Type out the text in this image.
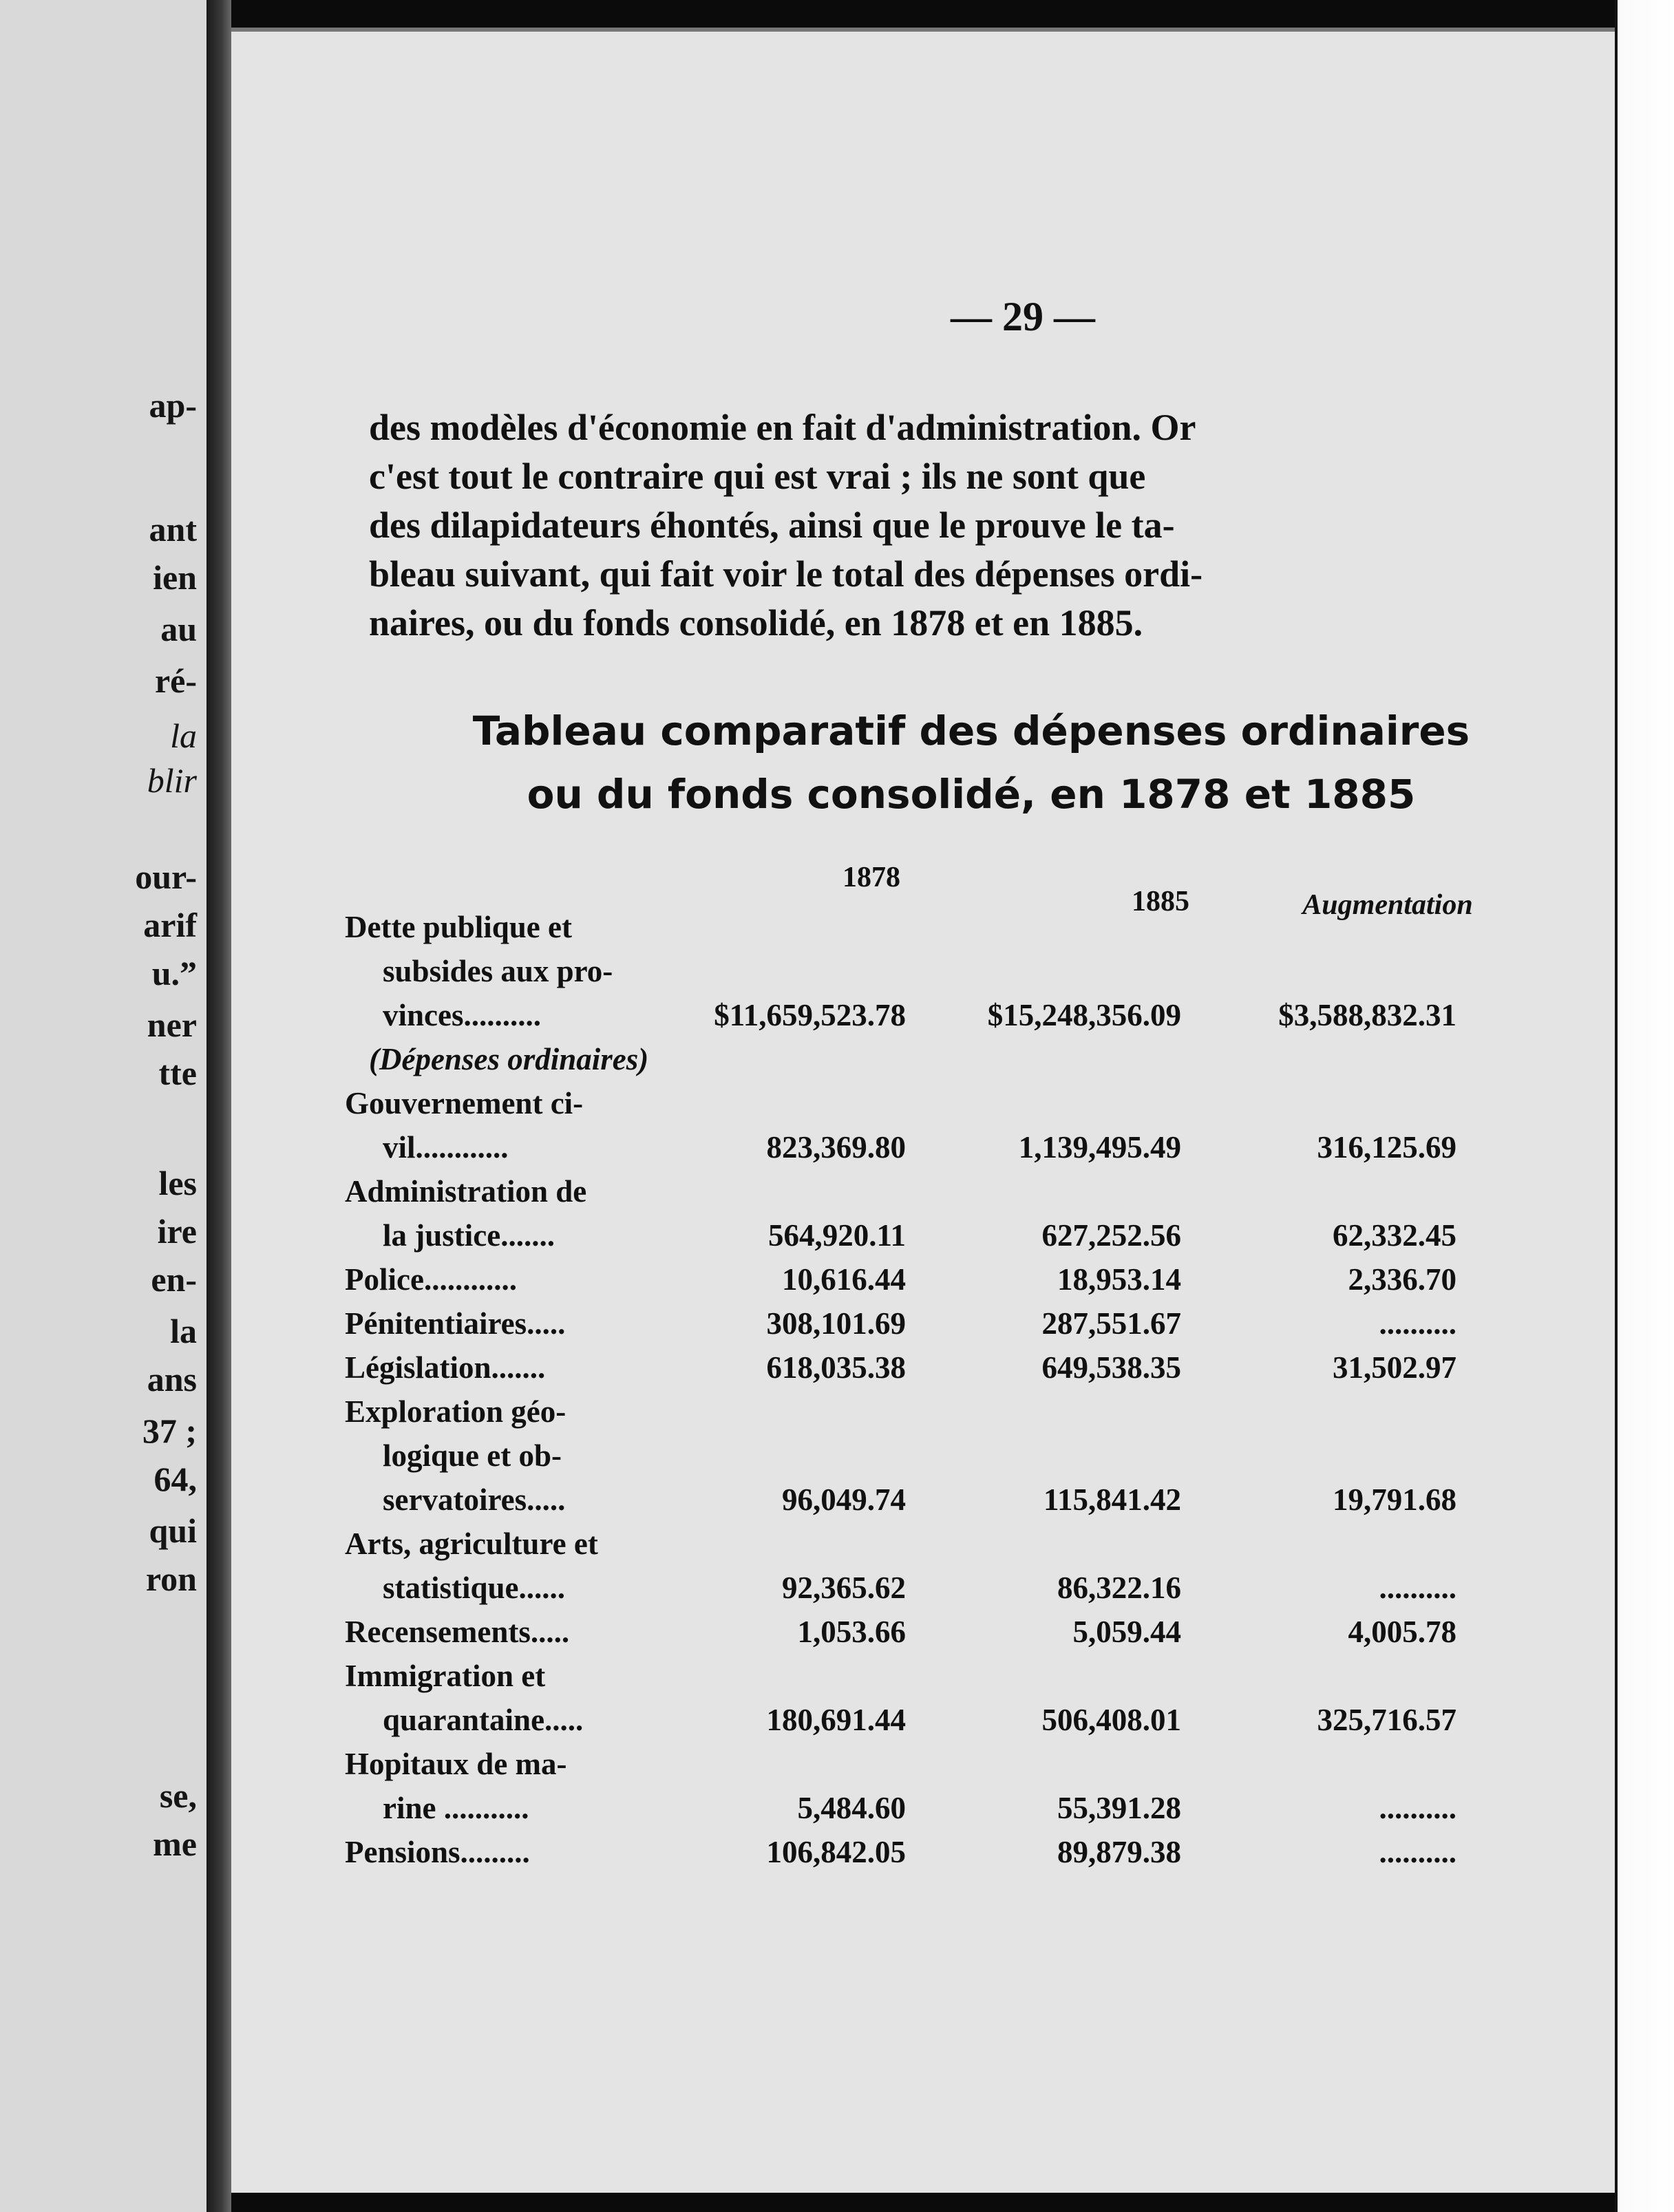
ap-
ant
ien
au
ré-
la
blir
our-
arif
u.”
ner
tte
les
ire
en-
la
ans
37 ;
64,
qui
ron
se,
me
— 29 —
des modèles d'économie en fait d'administration. Or
c'est tout le contraire qui est vrai ; ils ne sont que
des dilapidateurs éhontés, ainsi que le prouve le ta-
bleau suivant, qui fait voir le total des dépenses ordi-
naires, ou du fonds consolidé, en 1878 et en 1885.
Tableau comparatif des dépenses ordinaires
ou du fonds consolidé, en 1878 et 1885
1878
1885	Augmentation
Dette publique et
subsides aux pro-
vinces..........	$11,659,523.78	$15,248,356.09	$3,588,832.31
(Dépenses ordinaires)
Gouvernement ci-
vil............	823,369.80	1,139,495.49	316,125.69
Administration de
la justice.......	564,920.11	627,252.56	62,332.45
Police............	10,616.44	18,953.14	2,336.70
Pénitentiaires.....	308,101.69	287,551.67	..........
Législation.......	618,035.38	649,538.35	31,502.97
Exploration géo-
logique et ob-
servatoires.....	96,049.74	115,841.42	19,791.68
Arts, agriculture et
statistique......	92,365.62	86,322.16	..........
Recensements.....	1,053.66	5,059.44	4,005.78
Immigration et
quarantaine.....	180,691.44	506,408.01	325,716.57
Hopitaux de ma-
rine ...........	5,484.60	55,391.28	..........
Pensions.........	106,842.05	89,879.38	..........
